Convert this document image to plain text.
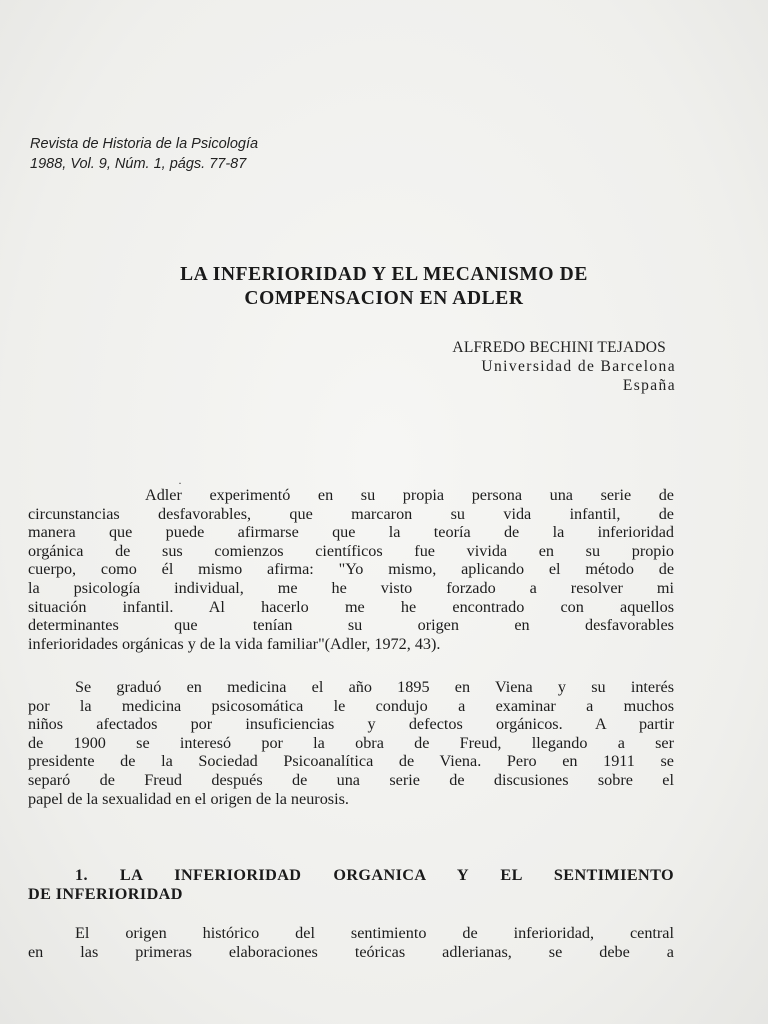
Revista de Historia de la Psicología
1988, Vol. 9, Núm. 1, págs. 77-87
LA INFERIORIDAD Y EL MECANISMO DE
COMPENSACION EN ADLER
ALFREDO BECHINI TEJADOS
Universidad de Barcelona
España
·
Adler experimentó en su propia persona una serie de
circunstancias desfavorables, que marcaron su vida infantil, de
manera que puede afirmarse que la teoría de la inferioridad
orgánica de sus comienzos científicos fue vivida en su propio
cuerpo, como él mismo afirma: "Yo mismo, aplicando el método de
la psicología individual, me he visto forzado a resolver mi
situación infantil. Al hacerlo me he encontrado con aquellos
determinantes que tenían su origen en desfavorables
inferioridades orgánicas y de la vida familiar"(Adler, 1972, 43).
Se graduó en medicina el año 1895 en Viena y su interés
por la medicina psicosomática le condujo a examinar a muchos
niños afectados por insuficiencias y defectos orgánicos. A partir
de 1900 se interesó por la obra de Freud, llegando a ser
presidente de la Sociedad Psicoanalítica de Viena. Pero en 1911 se
separó de Freud después de una serie de discusiones sobre el
papel de la sexualidad en el origen de la neurosis.
1. LA INFERIORIDAD ORGANICA Y EL SENTIMIENTO
DE INFERIORIDAD
El origen histórico del sentimiento de inferioridad, central
en las primeras elaboraciones teóricas adlerianas, se debe a
